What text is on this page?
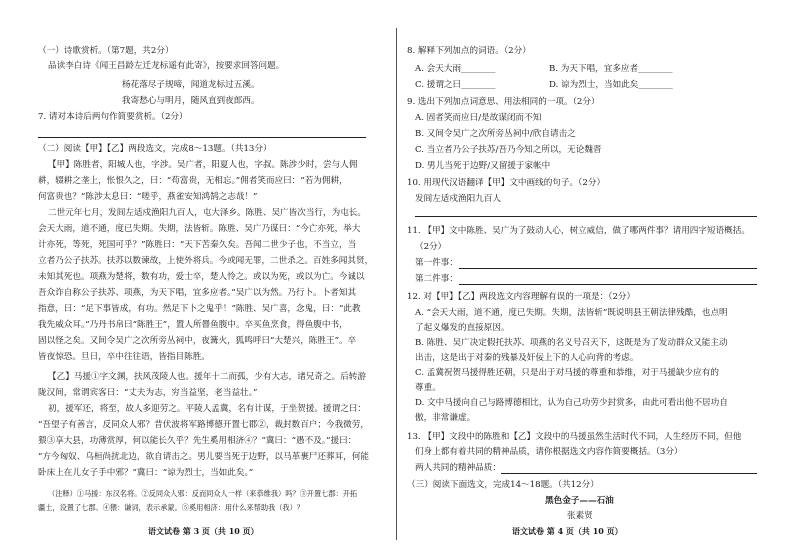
（一）诗歌赏析。（第7题，共2分）
品读李白诗《闻王昌龄左迁龙标遥有此寄》，按要求回答问题。
杨花落尽子规啼，闻道龙标过五溪。
我寄愁心与明月，随风直到夜郎西。
7. 请对本诗后两句作简要赏析。（2分）
（二）阅读【甲】【乙】两段选文，完成8～13题。（共13分）
【甲】陈胜者，阳城人也，字涉。吴广者，阳夏人也，字叔。陈涉少时，尝与人佣
耕，辍耕之垄上，怅恨久之，曰：“苟富贵，无相忘。”佣者笑而应曰：“若为佣耕，
何富贵也？”陈涉太息曰：“嗟乎，燕雀安知鸿鹄之志哉！”
二世元年七月，发闾左适戍渔阳九百人，屯大泽乡。陈胜、吴广皆次当行，为屯长。
会天大雨，道不通，度已失期。失期，法皆斩。陈胜、吴广乃谋曰：“今亡亦死，举大
计亦死，等死，死国可乎？”陈胜曰：“天下苦秦久矣。吾闻二世少子也，不当立，当
立者乃公子扶苏。扶苏以数谏故，上使外将兵。今或闻无罪，二世杀之。百姓多闻其贤，
未知其死也。项燕为楚将，数有功，爱士卒，楚人怜之。或以为死，或以为亡。今诚以
吾众诈自称公子扶苏、项燕，为天下唱，宜多应者。”吴广以为然。乃行卜。卜者知其
指意，曰：“足下事皆成，有功。然足下卜之鬼乎！”陈胜、吴广喜，念鬼，曰：“此教
我先威众耳。”乃丹书帛曰“陈胜王”，置人所罾鱼腹中。卒买鱼烹食，得鱼腹中书，
固以怪之矣。又间令吴广之次所旁丛祠中，夜篝火，狐鸣呼曰“大楚兴，陈胜王”。卒
皆夜惊恐。旦日，卒中往往语，皆指目陈胜。
【乙】马援①字文渊，扶风茂陵人也。援年十二而孤，少有大志，诸兄奇之。后转游
陇汉间，常谓宾客曰：“丈夫为志，穷当益坚，老当益壮。”
初，援军还，将至，故人多迎劳之。平陵人孟冀，名有计谋，于坐贺援。援谓之曰：
“吾望子有善言，反同众人邪？昔伏波将军路博德开置七郡②，裁封数百户；今我微劳，
猥③享大县，功薄赏厚，何以能长久乎？先生奚用相济④？”冀曰：“愚不及。”援曰：
“方今匈奴、乌桓尚扰北边，欲自请击之。男儿要当死于边野，以马革裹尸还葬耳，何能
卧床上在儿女子手中邪？”冀曰：“谅为烈士，当如此矣。”
（注释）①马援：东汉名将。②反同众人邪：反而同众人一样（来恭维我）吗？③开置七郡：开拓
疆土，设置了七郡。④猥：谦词，表示承蒙。⑤奚用相济：用什么来帮助我（我）？
语文试卷 第 3 页（共 10 页）
8. 解释下列加点的词语。（2分）
A. 会天大雨________	B. 为天下唱，宜多应者________
C. 援谓之曰________	D. 谅为烈士，当如此矣________
9. 选出下列加点词意思、用法相同的一项。（2分）
A. 固者笑而应曰/是故谋闭而不知
B. 又间令吴广之次所旁丛祠中/欣自请击之
C. 当立者乃公子扶苏/吾乃今知之所以，无论魏晋
D. 男儿当死于边野/又留援于家帐中
10. 用现代汉语翻译【甲】文中画线的句子。（2分）
发闾左适戍渔阳九百人
11. 【甲】文中陈胜、吴广为了鼓动人心，树立威信，做了哪两件事？请用四字短语概括。
（2分）
第一件事：
第二件事：
12. 对【甲】【乙】两段选文内容理解有误的一项是：（2分）
A. “会天大雨，道不通，度已失期。失期，法皆斩”既说明县王朝法律残酷，也点明
了起义爆发的直接原因。
B. 陈胜、吴广决定假托扶苏、项燕的名义号召天下，这既是为了发动群众又能主动
出击，这是出于对秦的残暴及奸佞上下的人心向背的考虑。
C. 孟冀祝贺马援得胜还朝，只是出于对马援的尊重和恭维，对于马援缺少应有的
尊重。
D. 文中马援向自己与路博德相比，认为自己功劳少封赏多，由此可看出他不居功自
傲，非常谦虚。
13. 【甲】文段中的陈胜和【乙】文段中的马援虽然生活时代不同，人生经历不同，但他
们身上都有着共同的精神品质，请你根据选文内容作简要概括。（3分）
两人共同的精神品质：
（三）阅读下面选文，完成14～18题。（共12分）
黑色金子——石油
张素贤
语文试卷 第 4 页（共 10 页）
